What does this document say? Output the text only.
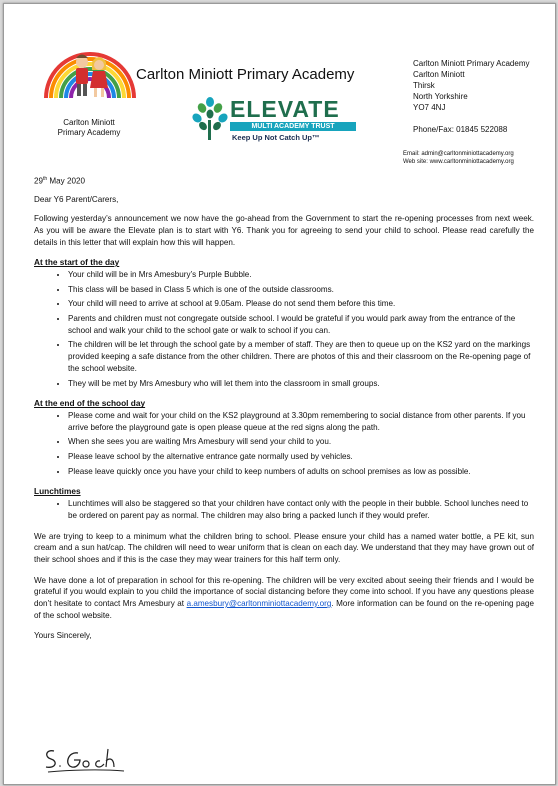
Carlton Miniott
Primary Academy
Carlton Miniott Primary Academy
ELEVATE
MULTI ACADEMY TRUST
Keep Up Not Catch Up™
Carlton Miniott Primary Academy
Carlton Miniott
Thirsk
North Yorkshire
YO7 4NJ
Phone/Fax: 01845 522088
Email: admin@carltonminiottacademy.org
Web site: www.carltonminiottacademy.org

29th May 2020

Dear Y6 Parent/Carers,

Following yesterday’s announcement we now have the go-ahead from the Government to start the re-opening processes from next week. As you will be aware the Elevate plan is to start with Y6. Thank you for agreeing to send your child to school. Please read carefully the details in this letter that will explain how this will happen.

At the start of the day
• Your child will be in Mrs Amesbury’s Purple Bubble.
• This class will be based in Class 5 which is one of the outside classrooms.
• Your child will need to arrive at school at 9.05am. Please do not send them before this time.
• Parents and children must not congregate outside school. I would be grateful if you would park away from the entrance of the school and walk your child to the school gate or walk to school if you can.
• The children will be let through the school gate by a member of staff. They are then to queue up on the KS2 yard on the markings provided keeping a safe distance from the other children. There are photos of this and their classroom on the Re-opening page of the school website.
• They will be met by Mrs Amesbury who will let them into the classroom in small groups.
At the end of the school day
• Please come and wait for your child on the KS2 playground at 3.30pm remembering to social distance from other parents. If you arrive before the playground gate is open please queue at the red signs along the path.
• When she sees you are waiting Mrs Amesbury will send your child to you.
• Please leave school by the alternative entrance gate normally used by vehicles.
• Please leave quickly once you have your child to keep numbers of adults on school premises as low as possible.
Lunchtimes
• Lunchtimes will also be staggered so that your children have contact only with the people in their bubble. School lunches need to be ordered on parent pay as normal. The children may also bring a packed lunch if they would prefer.

We are trying to keep to a minimum what the children bring to school. Please ensure your child has a named water bottle, a PE kit, sun cream and a sun hat/cap. The children will need to wear uniform that is clean on each day. We understand that they may have grown out of their school shoes and if this is the case they may wear trainers for this half term only.

We have done a lot of preparation in school for this re-opening. The children will be very excited about seeing their friends and I would be grateful if you would explain to you child the importance of social distancing before they come into school. If you have any questions please don’t hesitate to contact Mrs Amesbury at a.amesbury@carltonminiottacademy.org. More information can be found on the re-opening page of the school website.

Yours Sincerely,
